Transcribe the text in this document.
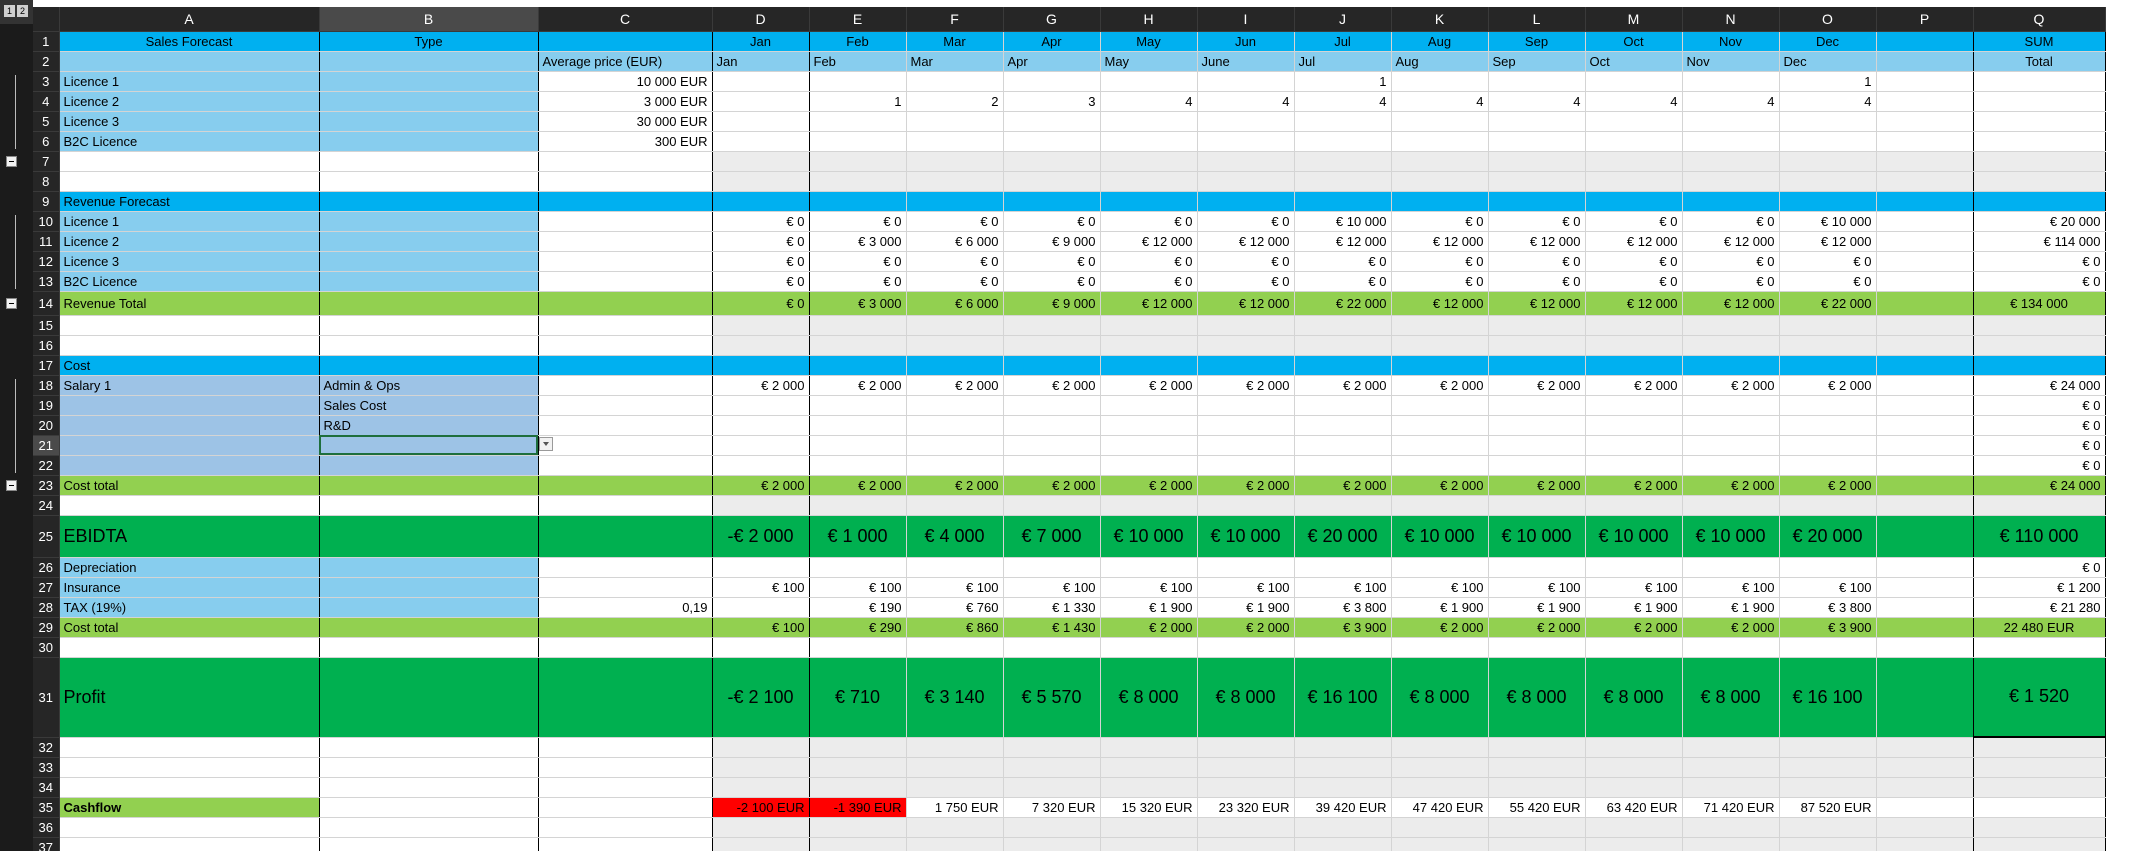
1 2
		A	B	C	D	E	F	G	H	I	J	K	L	M	N	O	P	Q
1	Sales Forecast	Type		Jan	Feb	Mar	Apr	May	Jun	Jul	Aug	Sep	Oct	Nov	Dec		SUM
2			Average price (EUR)	Jan	Feb	Mar	Apr	May	June	Jul	Aug	Sep	Oct	Nov	Dec		Total
3	Licence 1		10 000 EUR							1					1		
4	Licence 2		3 000 EUR		1	2	3	4	4	4	4	4	4	4	4		
5	Licence 3		30 000 EUR														
6	B2C Licence		300 EUR														
7																	
8																	
9	Revenue Forecast																
10	Licence 1			€ 0	€ 0	€ 0	€ 0	€ 0	€ 0	€ 10 000	€ 0	€ 0	€ 0	€ 0	€ 10 000		€ 20 000
11	Licence 2			€ 0	€ 3 000	€ 6 000	€ 9 000	€ 12 000	€ 12 000	€ 12 000	€ 12 000	€ 12 000	€ 12 000	€ 12 000	€ 12 000		€ 114 000
12	Licence 3			€ 0	€ 0	€ 0	€ 0	€ 0	€ 0	€ 0	€ 0	€ 0	€ 0	€ 0	€ 0		€ 0
13	B2C Licence			€ 0	€ 0	€ 0	€ 0	€ 0	€ 0	€ 0	€ 0	€ 0	€ 0	€ 0	€ 0		€ 0
14	Revenue Total			€ 0	€ 3 000	€ 6 000	€ 9 000	€ 12 000	€ 12 000	€ 22 000	€ 12 000	€ 12 000	€ 12 000	€ 12 000	€ 22 000		€ 134 000
15																	
16																	
17	Cost																
18	Salary 1	Admin & Ops		€ 2 000	€ 2 000	€ 2 000	€ 2 000	€ 2 000	€ 2 000	€ 2 000	€ 2 000	€ 2 000	€ 2 000	€ 2 000	€ 2 000		€ 24 000
19		Sales Cost															€ 0
20		R&D															€ 0
21																	€ 0
22																	€ 0
23	Cost total			€ 2 000	€ 2 000	€ 2 000	€ 2 000	€ 2 000	€ 2 000	€ 2 000	€ 2 000	€ 2 000	€ 2 000	€ 2 000	€ 2 000		€ 24 000
24																	
25	EBIDTA			-€ 2 000	€ 1 000	€ 4 000	€ 7 000	€ 10 000	€ 10 000	€ 20 000	€ 10 000	€ 10 000	€ 10 000	€ 10 000	€ 20 000		€ 110 000
26	Depreciation																€ 0
27	Insurance			€ 100	€ 100	€ 100	€ 100	€ 100	€ 100	€ 100	€ 100	€ 100	€ 100	€ 100	€ 100		€ 1 200
28	TAX (19%)		0,19		€ 190	€ 760	€ 1 330	€ 1 900	€ 1 900	€ 3 800	€ 1 900	€ 1 900	€ 1 900	€ 1 900	€ 3 800		€ 21 280
29	Cost total			€ 100	€ 290	€ 860	€ 1 430	€ 2 000	€ 2 000	€ 3 900	€ 2 000	€ 2 000	€ 2 000	€ 2 000	€ 3 900		22 480 EUR
30																	
31	Profit			-€ 2 100	€ 710	€ 3 140	€ 5 570	€ 8 000	€ 8 000	€ 16 100	€ 8 000	€ 8 000	€ 8 000	€ 8 000	€ 16 100		€ 1 520
32																	
33																	
34																	
35	Cashflow			-2 100 EUR	-1 390 EUR	1 750 EUR	7 320 EUR	15 320 EUR	23 320 EUR	39 420 EUR	47 420 EUR	55 420 EUR	63 420 EUR	71 420 EUR	87 520 EUR		
36																	
37																	
